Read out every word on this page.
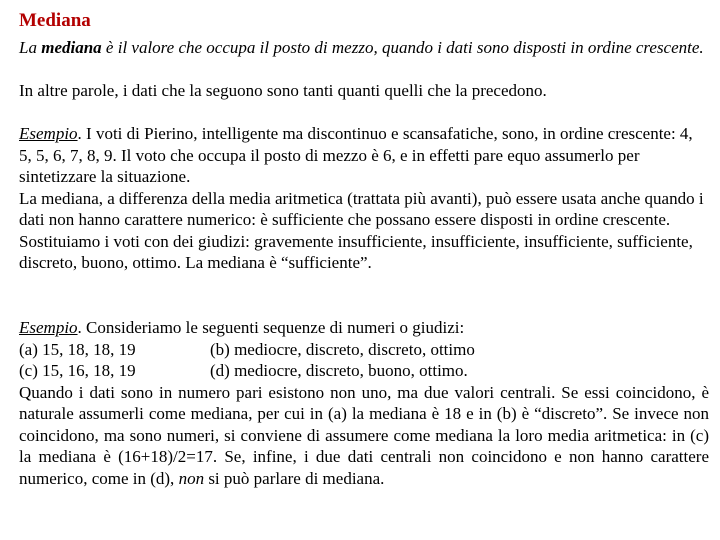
Mediana
La mediana è il valore che occupa il posto di mezzo, quando i dati sono disposti in ordine crescente.
In altre parole, i dati che la seguono sono tanti quanti quelli che la precedono.
Esempio. I voti di Pierino, intelligente ma discontinuo e scansafatiche, sono, in ordine crescente: 4, 5, 5, 6, 7, 8, 9. Il voto che occupa il posto di mezzo è 6, e in effetti pare equo assumerlo per sintetizzare la situazione.
La mediana, a differenza della media aritmetica (trattata più avanti), può essere usata anche quando i dati non hanno carattere numerico: è sufficiente che possano essere disposti in ordine crescente.
Sostituiamo i voti con dei giudizi: gravemente insufficiente, insufficiente, insufficiente, sufficiente, discreto, buono, ottimo. La mediana è “sufficiente”.
Esempio. Consideriamo le seguenti sequenze di numeri o giudizi:
(a) 15, 18, 18, 19	(b) mediocre, discreto, discreto, ottimo
(c) 15, 16, 18, 19	(d) mediocre, discreto, buono, ottimo.
Quando i dati sono in numero pari esistono non uno, ma due valori centrali. Se essi coincidono, è naturale assumerli come mediana, per cui in (a) la mediana è 18 e in (b) è “discreto”. Se invece non coincidono, ma sono numeri, si conviene di assumere come mediana la loro media aritmetica: in (c) la mediana è (16+18)/2=17. Se, infine, i due dati centrali non coincidono e non hanno carattere numerico, come in (d), non si può parlare di mediana.
